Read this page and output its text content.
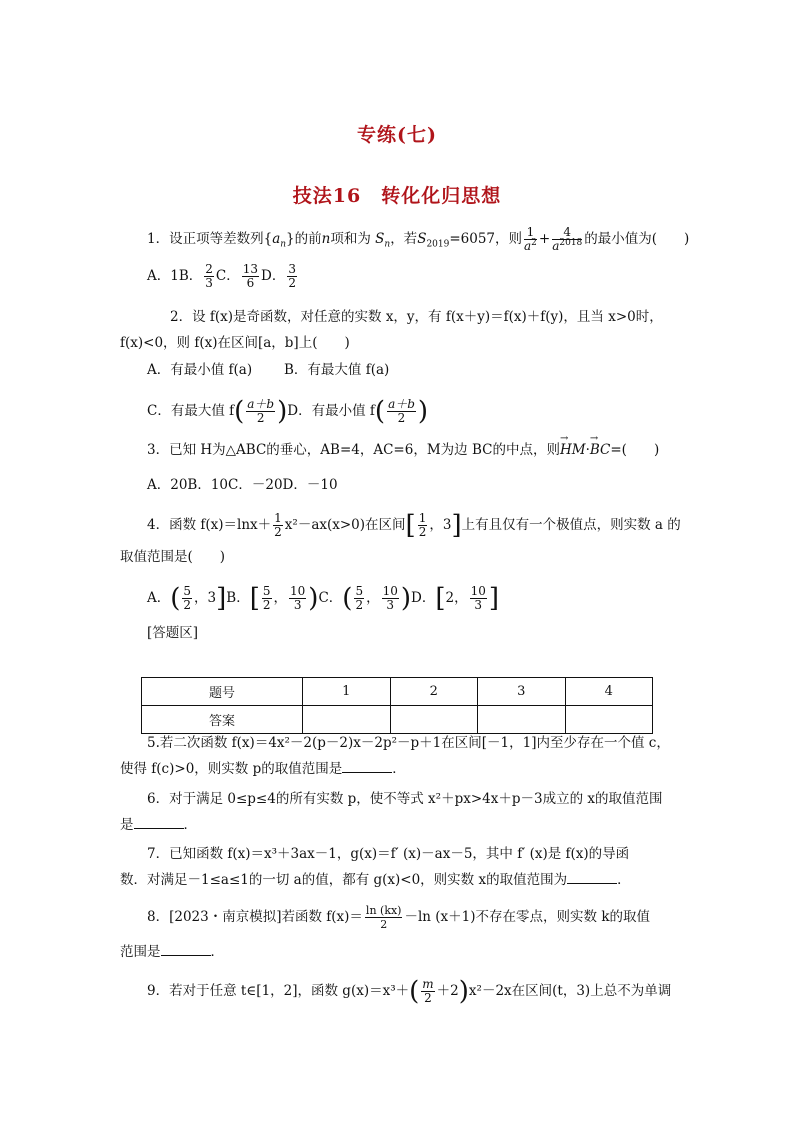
专练(七)
技法16　转化化归思想
1．设正项等差数列$\{a_n\}$的前n项和为 $S_n$，若$S_{2019}=6057$，则 $\frac{1}{a^2} + \frac{4}{a^{2018}}$ 的最小值为(　　)
A．1B． $\frac{2}{3}$ C． $\frac{13}{6}$ D． $\frac{3}{2}$
2．设 f(x)是奇函数，对任意的实数 x，y，有 f(x＋y)＝f(x)＋f(y)，且当 x>0时，
f(x)<0，则 f(x)在区间[a，b]上(　　)
A．有最小值 f(a) B．有最大值 f(a)
C．有最大值 $f( \frac{a+b}{2} )D$．有最小值 $f( \frac{a+b}{2}$ )
3．已知 H为△ABC的垂心，AB=4，AC=6，M为边 BC的中点，则→ HM·→ BC=(　　)
A．20B．10C．－20D．－10
4．函数 $f(x)=\ln x+ \frac{1}{2} x^2-ax(x>0)$在区间[ $\frac{1}{2}$ ，3]上有且仅有一个极值点，则实数 a 的
取值范围是(　　)
A．( $\frac{5}{2}$ ，3]B．[ $\frac{5}{2}$ ， $\frac{10}{3} )C$．( $\frac{5}{2}$ ， $\frac{10}{3} )D$．[2， $\frac{10}{3}$ ]
[答题区]
题号	1	2	3	4
答案				
5.若二次函数 f(x)＝4x²－2(p－2)x－2p²－p＋1在区间[－1，1]内至少存在一个值 c，
使得 f(c)>0，则实数 p的取值范围是	．
6．对于满足 0≤p≤4的所有实数 p，使不等式 x²＋px>4x＋p－3成立的 x的取值范围
是	．
7．已知函数 f(x)＝x³＋3ax－1，g(x)＝f′ (x)－ax－5，其中 f′ (x)是 f(x)的导函
数．对满足－1≤a≤1的一切 a的值，都有 g(x)<0，则实数 x的取值范围为	．
8．[2023・南京模拟]若函数 $f(x)= \frac{\ln (kx)}{2} -\ln$ (x＋1)不存在零点，则实数 k的取值
范围是	．
9．若对于任意 t∈[1，2]，函数 $g(x)=x^3+( \frac{m}{2} +2)x^2-2x$在区间(t，3)上总不为单调
